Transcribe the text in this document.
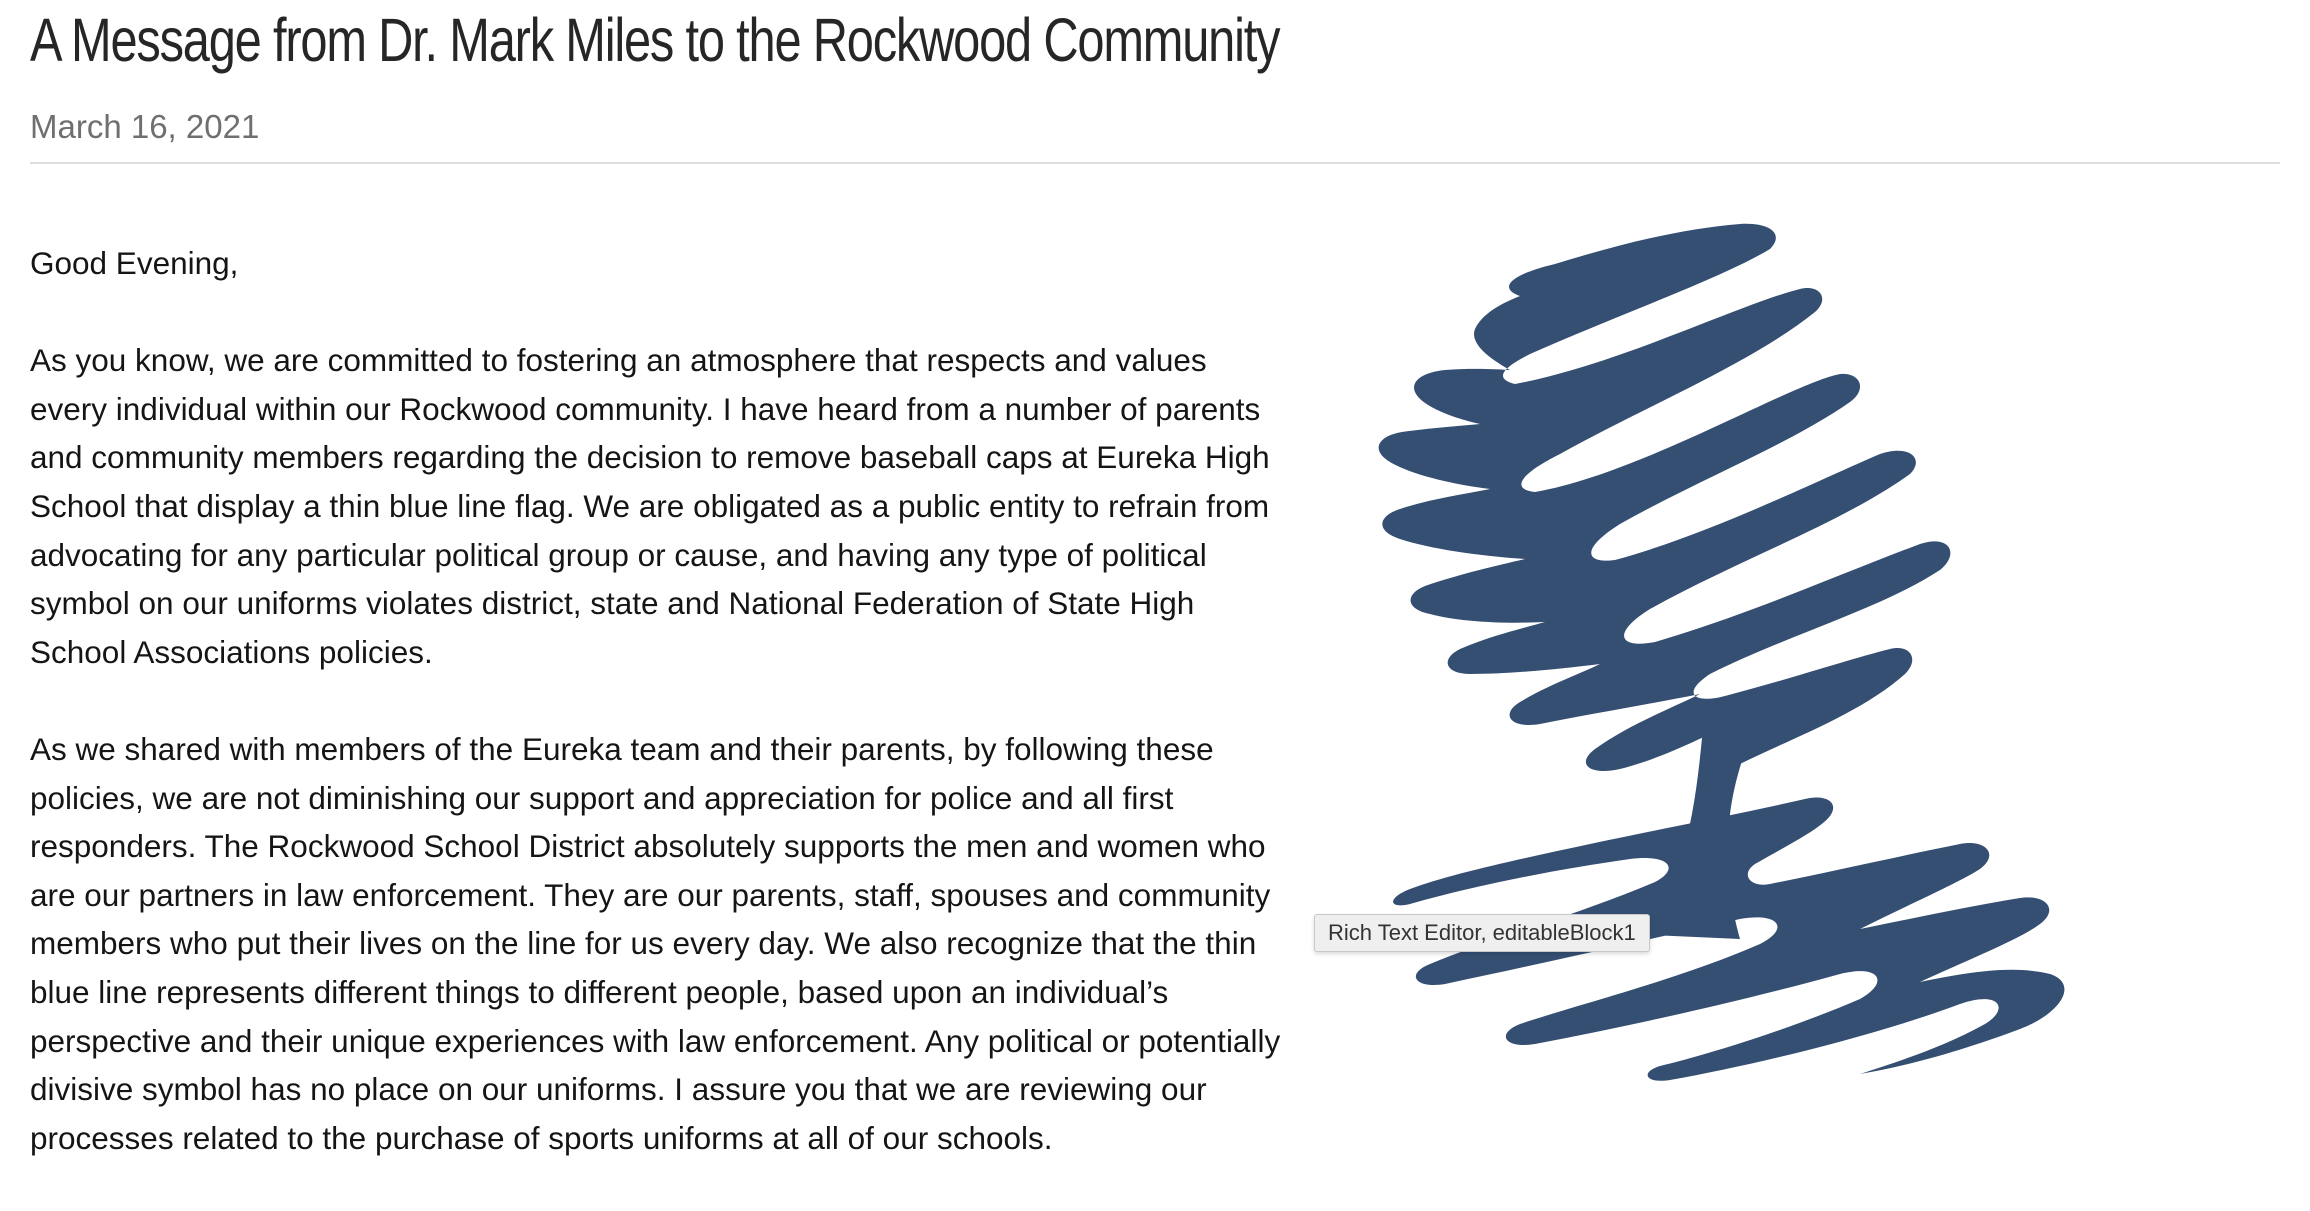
A Message from Dr. Mark Miles to the Rockwood Community
March 16, 2021

Good Evening,

As you know, we are committed to fostering an atmosphere that respects and values every individual within our Rockwood community. I have heard from a number of parents and community members regarding the decision to remove baseball caps at Eureka High School that display a thin blue line flag. We are obligated as a public entity to refrain from advocating for any particular political group or cause, and having any type of political symbol on our uniforms violates district, state and National Federation of State High School Associations policies.

As we shared with members of the Eureka team and their parents, by following these policies, we are not diminishing our support and appreciation for police and all first responders. The Rockwood School District absolutely supports the men and women who are our partners in law enforcement. They are our parents, staff, spouses and community members who put their lives on the line for us every day. We also recognize that the thin blue line represents different things to different people, based upon an individual’s perspective and their unique experiences with law enforcement. Any political or potentially divisive symbol has no place on our uniforms. I assure you that we are reviewing our processes related to the purchase of sports uniforms at all of our schools.

Rich Text Editor, editableBlock1
